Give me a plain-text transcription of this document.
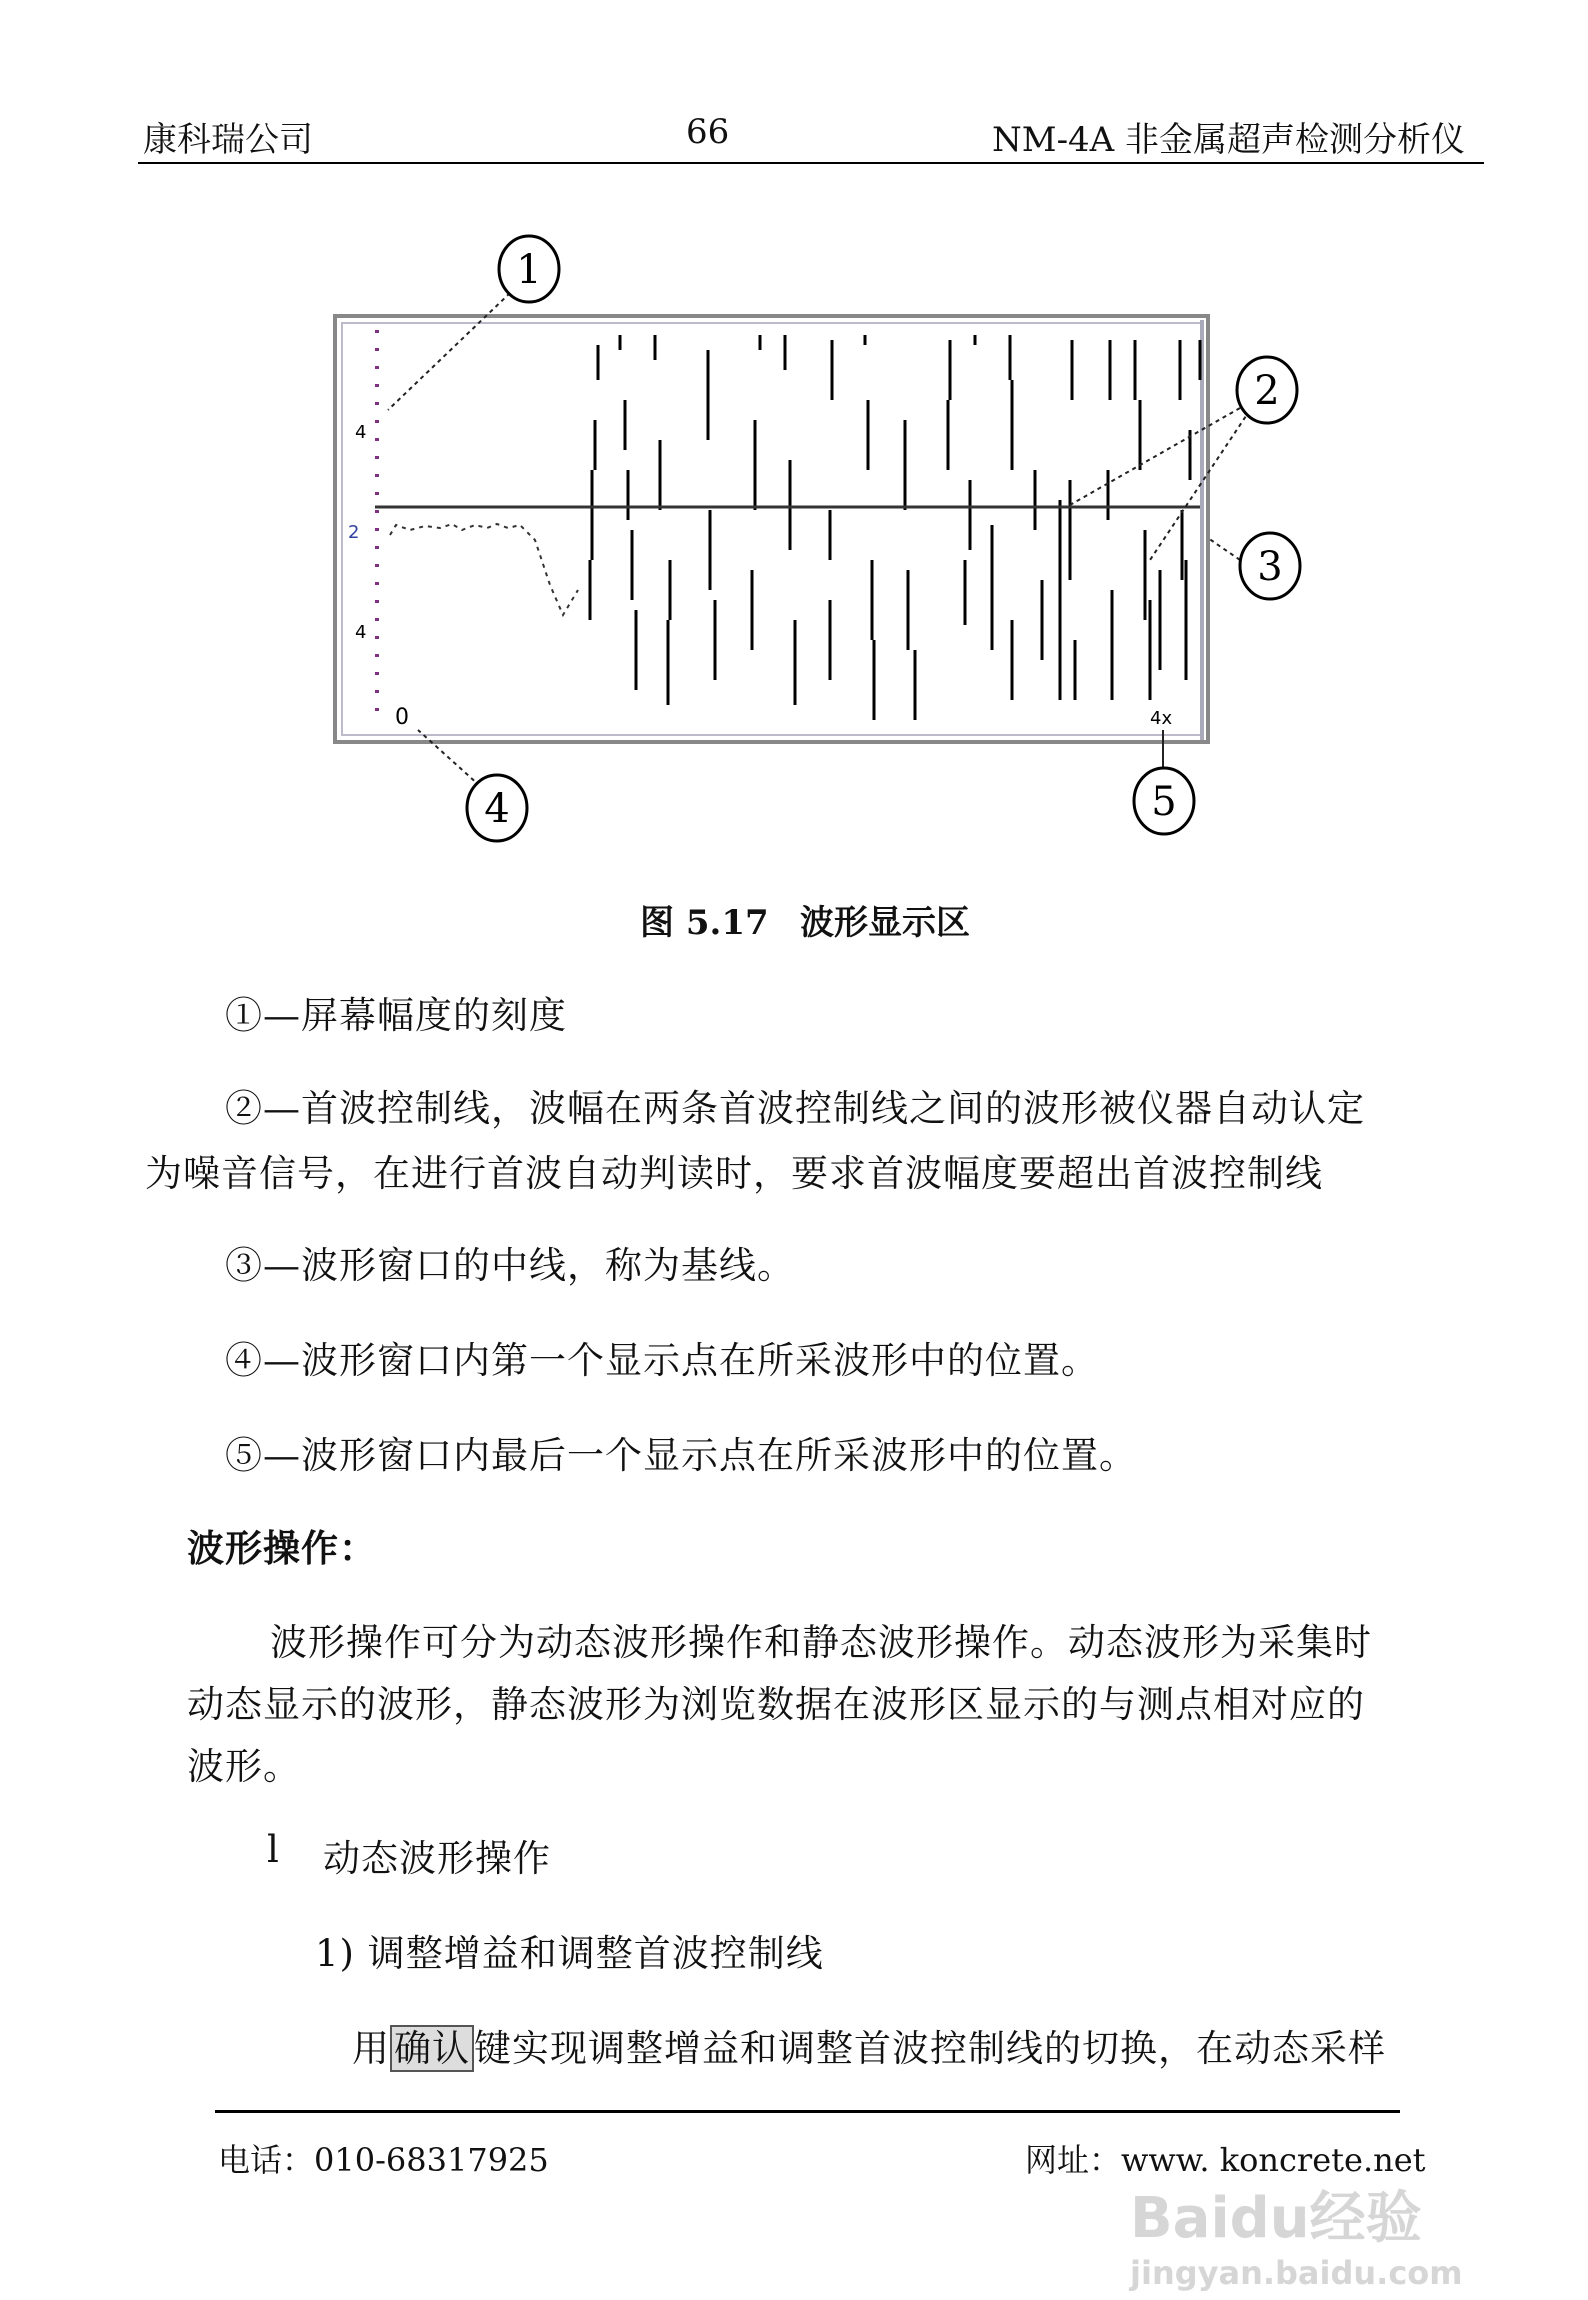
康科瑞公司	66	NM-4A 非金属超声检测分析仪
4
2
4
0	4x
1
2
3
4	5
图 5.17 波形显示区
①—屏幕幅度的刻度
②—首波控制线，波幅在两条首波控制线之间的波形被仪器自动认定
为噪音信号，在进行首波自动判读时，要求首波幅度要超出首波控制线
③—波形窗口的中线，称为基线。
④—波形窗口内第一个显示点在所采波形中的位置。
⑤—波形窗口内最后一个显示点在所采波形中的位置。
波形操作：
波形操作可分为动态波形操作和静态波形操作。动态波形为采集时
动态显示的波形，静态波形为浏览数据在波形区显示的与测点相对应的
波形。
l 动态波形操作
1) 调整增益和调整首波控制线
用 确认 键实现调整增益和调整首波控制线的切换，在动态采样
电话：010-68317925	网址：www. koncrete.net
Baidu经验
jingyan.baidu.com
